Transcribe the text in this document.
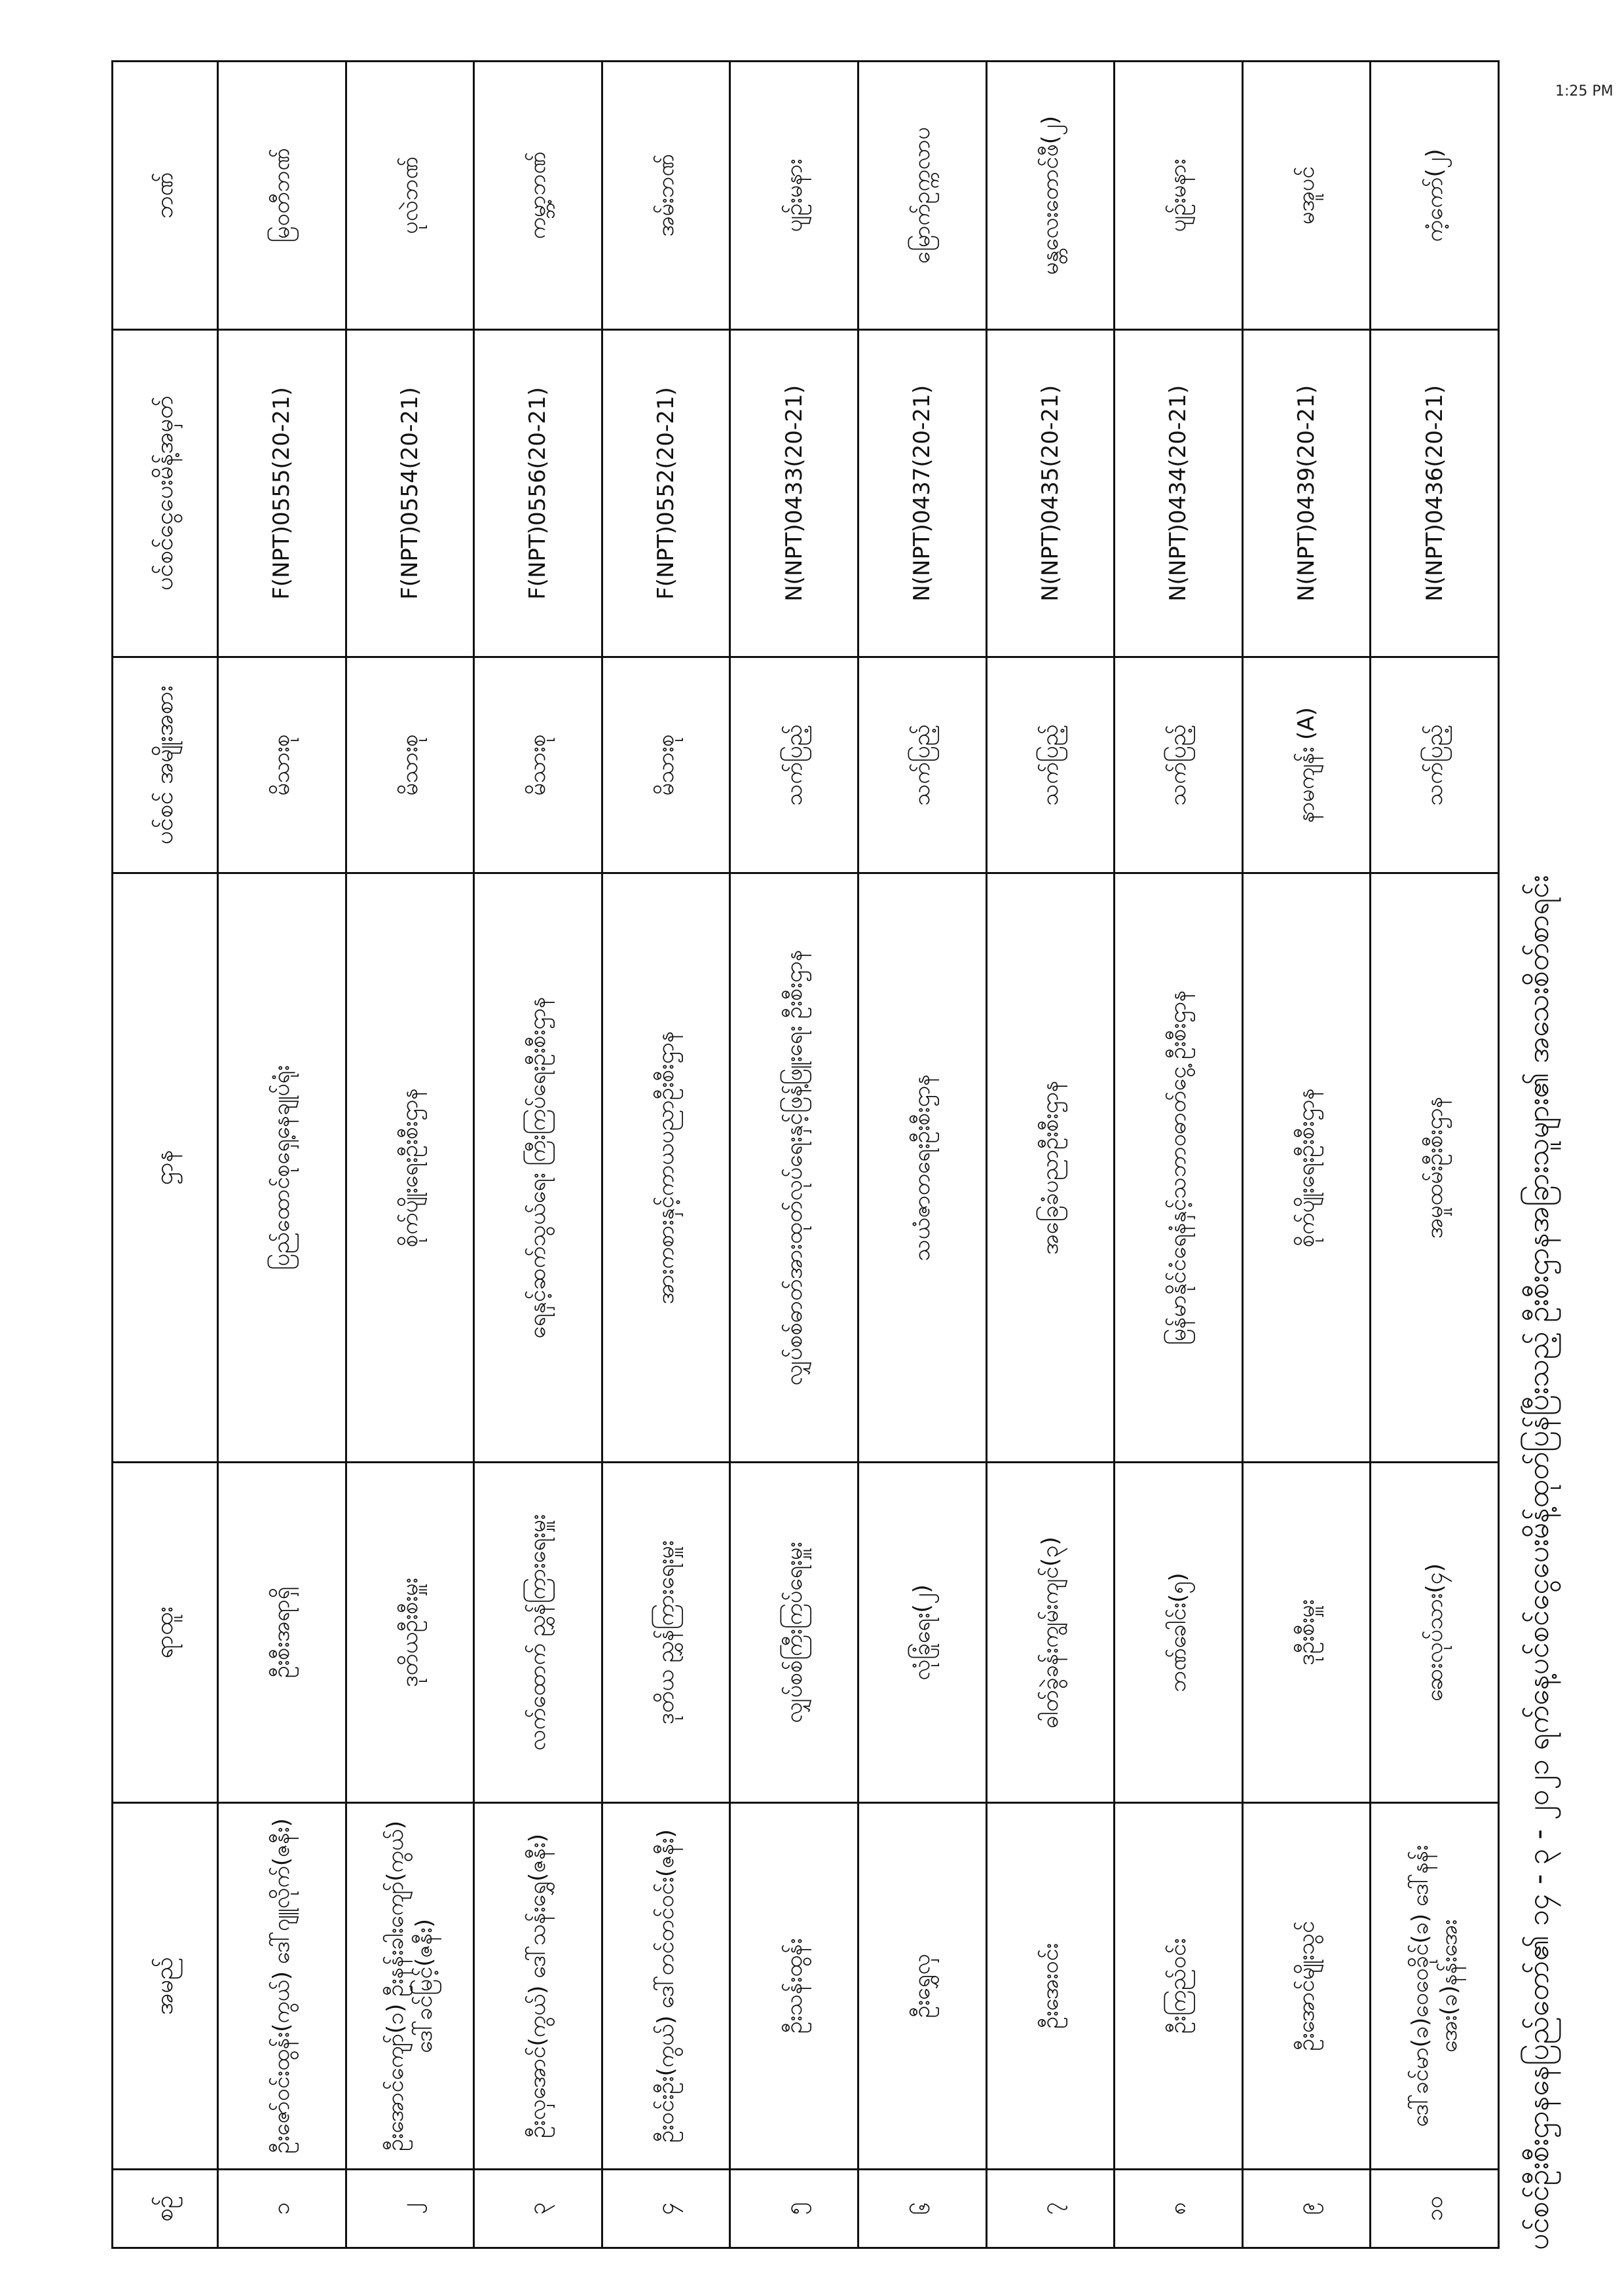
ပင်စင်ဦးစီးဌာနနေပြည်တော်၏ ၁၄ - ၃ - ၂၀၂၁ ရက်နေ့ပင်စင်ငွေပေးမိန့်ထုတ်ပြန်ပြီးသည့် ဦးစီးဌာနအခြားသူများ၏ အသေးစိတ်စာရင်း
1:25 PM
စဉ်	အမည်	ရာထူး	ဌာန	ပင်စင် အမျိုးအစား	ပင်စင်ငွေပေးမိန့်အမှတ်	ဘဏ်
၁	ဦးဇော်ဝင်းထွန်း(ကွယ်) ဒေါ်ဂျူလိုက်(ဇနီး)	ဦးစီးအရာရှိ	ပြည်ထောင်စုရှေ့နေချုပ်ရုံး	မိသားစု	F(NPT)0555(20-21)	မြဝတီဘဏ်
၂	ဦးအောင်ကျော်(၁) ဦးနန်းခါးကျော်(ကွယ်) ဒေါ်ခင်မြင့်(ဇနီး)	ဒုတိယဦးစီးမှူး	စိုက်ပျိုးရေးဦးစီးဌာန	မိသားစု	F(NPT)0554(20-21)	ပုလဲဘဏ်
၃	ဦးလှအောင်(ကွယ်) ဒေါ်သန်းရွှေ(ဇနီး)	လက်ထောက် ညွှန်ကြားရေးမှူး	ရေနှင့်ဆက်သွယ်ရေး ကြီးကြပ်ရေးဦးစီးဌာန	မိသားစု	F(NPT)0556(20-21)	ကမ္ဘာ့ဘဏ်
၄	ဦးဝင်းဦး(ကွယ်) ဒေါ်တင်တင်ဝင်း(ဇနီး)	ဒုတိယ ညွှန်ကြားရေးမှူး	အားကစားနှင့်ကာယပညာဦးစီးဌာန	မိသားစု	F(NPT)0552(20-21)	အမ်းဘဏ်
၅	ဦးသန်းထွန်း	လျှပ်စစ်ကြီးကြပ်ရေးမှူး	လျှပ်စစ်ဓာတ်အားထုတ်လုပ်ရေးနှင့်ဖြန့်ဖြူးရေး ဦးစီးဌာန	သက်ပြည့်	N(NPT)0433(20-21)	ပျဉ်းမနား
၆	ဦးရွှေလှ	လုံခြုံရေး(၂)	သယံဇာတရေးဦးစီးဌာန	သက်ပြည့်	N(NPT)0437(20-21)	မြောက်ဥက္ကလာပ
၇	ဦးအေးဝင်း	ဓါတ်ခွဲခန်းကျွမ်းကျင်(၃)	အခြေခံပညာဦးစီးဌာန	သက်ပြည့်	N(NPT)0435(20-21)	မန္တလေးတောင်ဖီ(၂)
၈	ဦးကြည်ဝင်း	ဘဏ်ခေါင်း(၅)	မြန်မာနိုင်ငံရေနံနှင့်သဘာဝဓာတ်ငွေ့ ဦးစီးဌာန	သက်ပြည့်	N(NPT)0434(20-21)	ပျဉ်းမနား
၉	ဦးအောင်မျိုးသွင်	ဒုဦးစီးမှူး	စိုက်ပျိုးရေးဦးစီးဌာန	နာမကျန်း (A)	N(NPT)0439(20-21)	မအူပင်
၁၀	ဒေါ်ခင်မာ(ခ)ဝေဝေခိုင်(ခ) ဒေါ်နန်းအေး(ခ)နန်းအေး	ဆေးလုပ်သား(၄)	အမှုထမ်းဦးစီးဌာန	သက်ပြည့်	N(NPT)0436(20-21)	ကံ့ကော်(၂)
